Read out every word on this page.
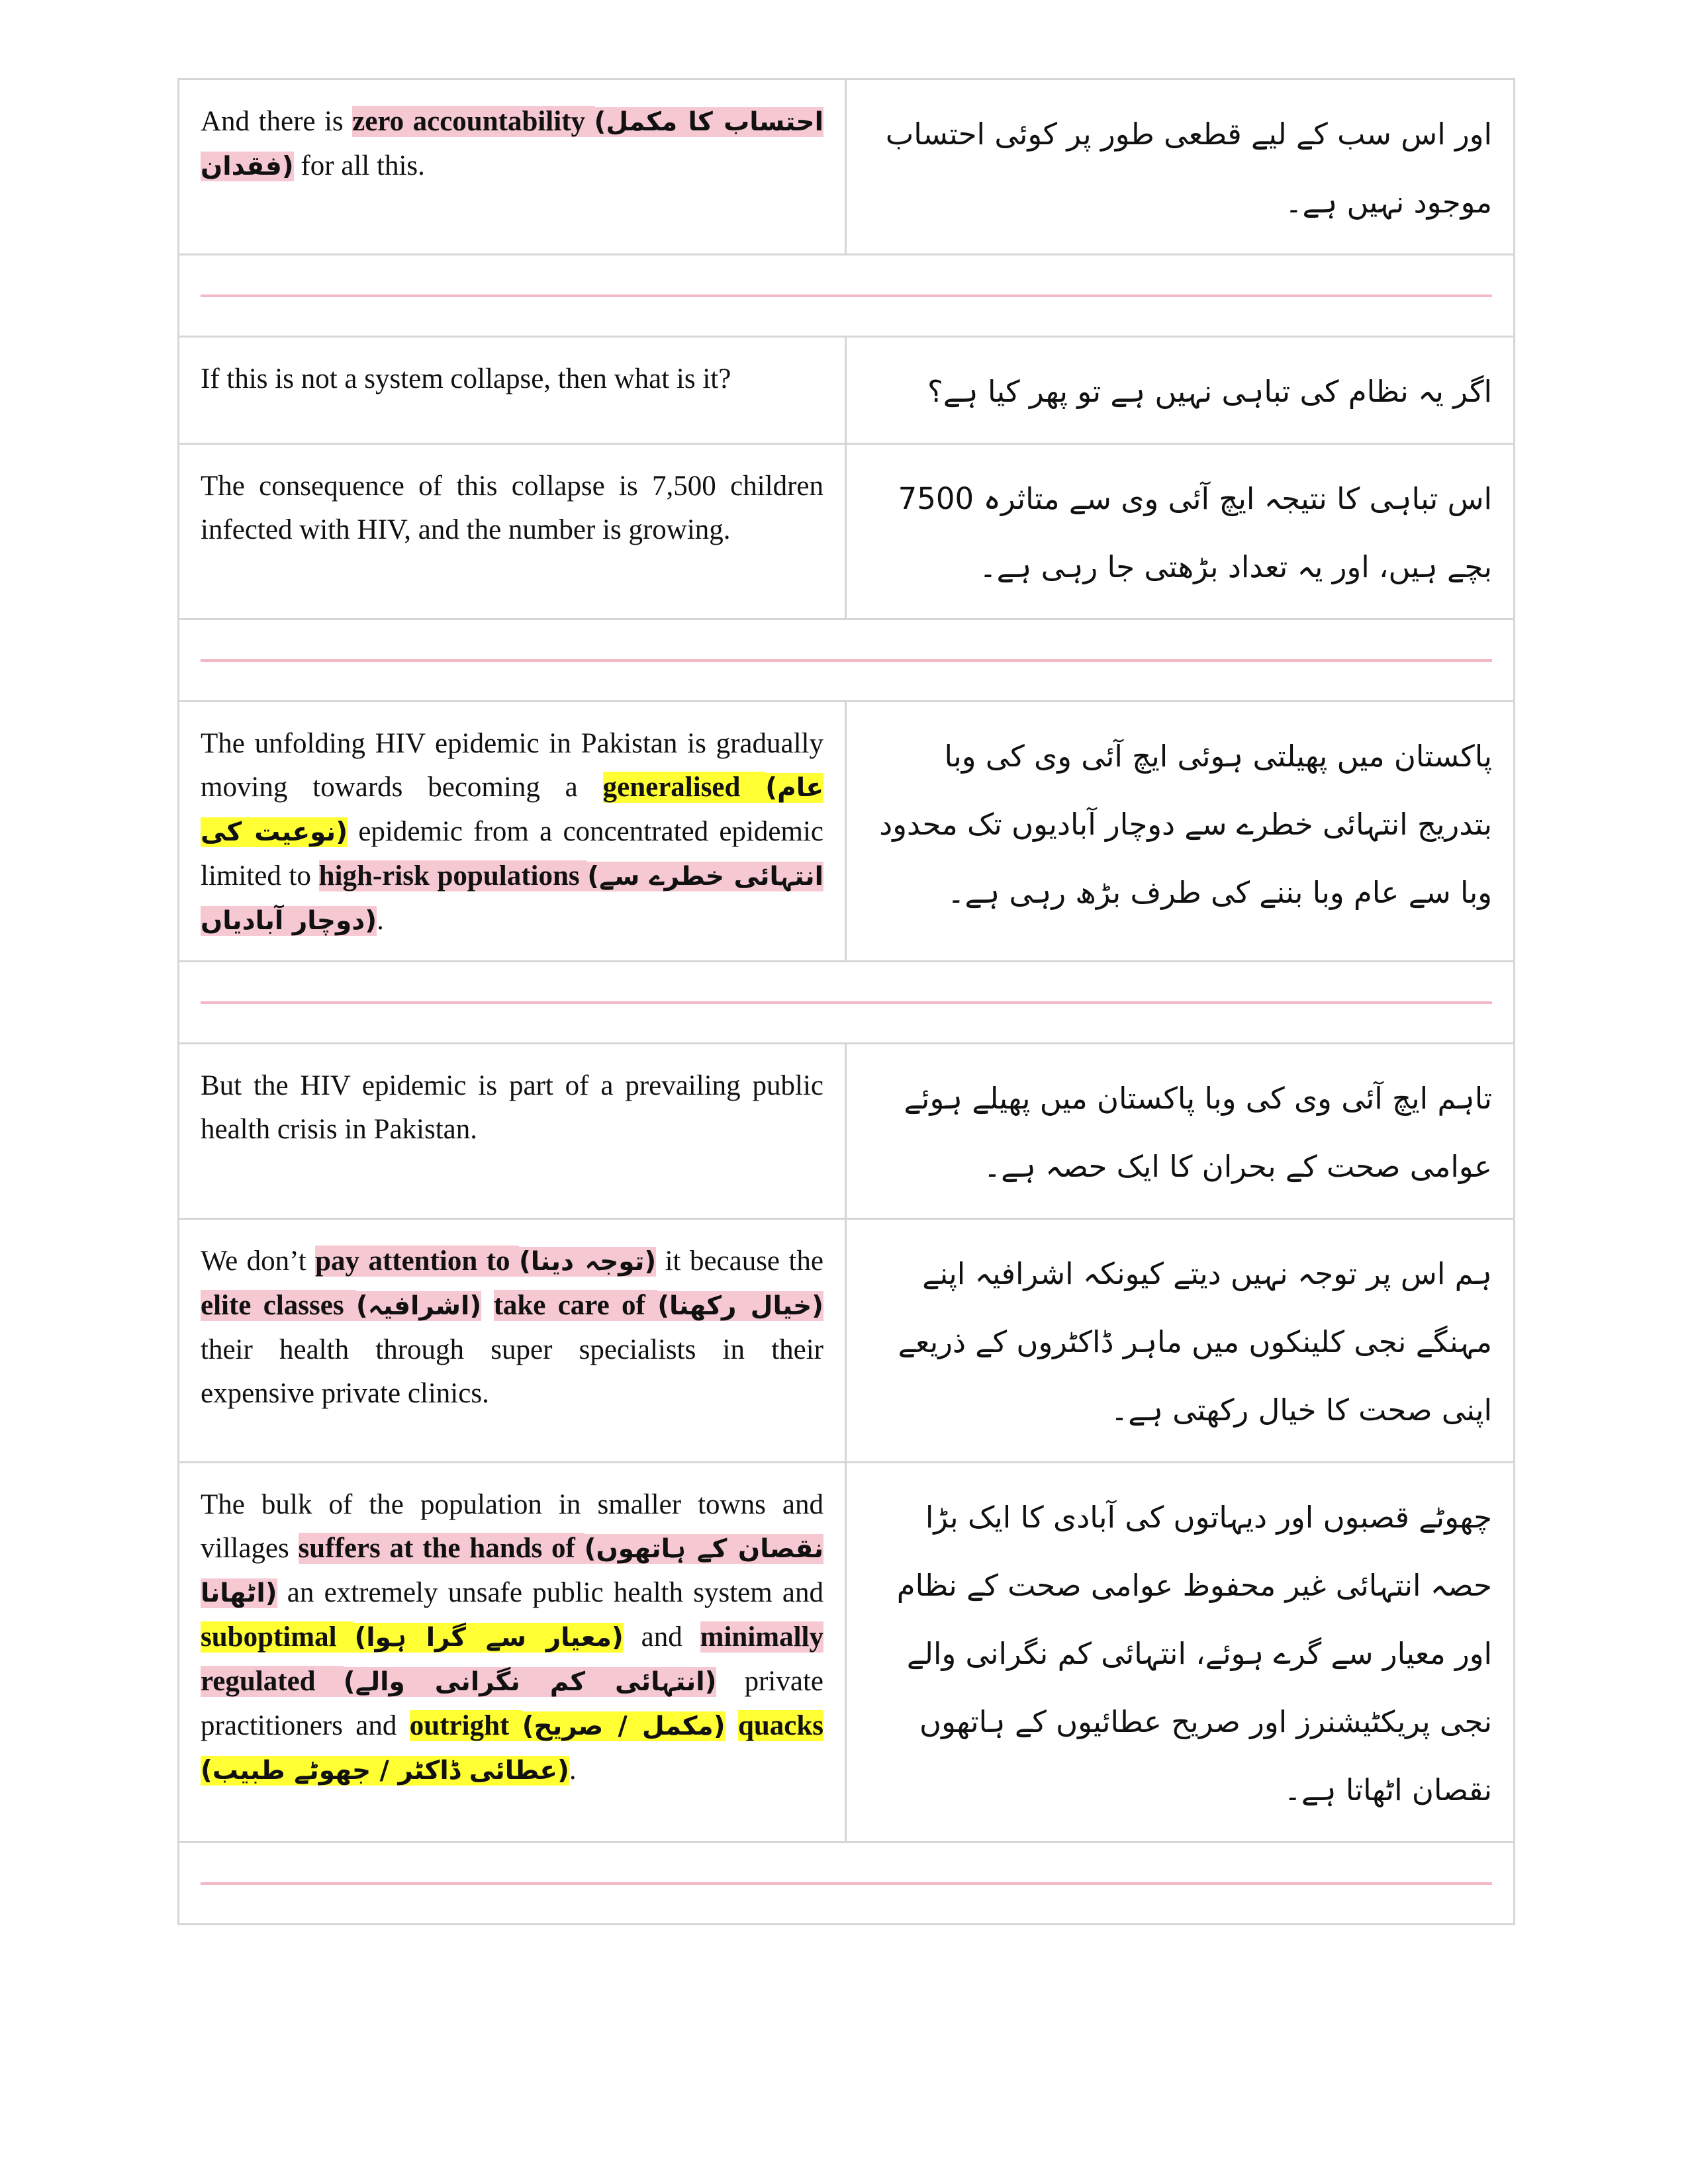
And there is zero accountability (احتساب کا مکمل فقدان) for all this.	اور اس سب کے لیے قطعی طور پر کوئی احتساب موجود نہیں ہے۔

If this is not a system collapse, then what is it?	اگر یہ نظام کی تباہی نہیں ہے تو پھر کیا ہے؟

The consequence of this collapse is 7,500 children infected with HIV, and the number is growing.	اس تباہی کا نتیجہ ایچ آئی وی سے متاثرہ 7500 بچے ہیں، اور یہ تعداد بڑھتی جا رہی ہے۔

The unfolding HIV epidemic in Pakistan is gradually moving towards becoming a generalised (عام نوعیت کی) epidemic from a concentrated epidemic limited to high-risk populations (انتہائی خطرے سے دوچار آبادیاں).	پاکستان میں پھیلتی ہوئی ایچ آئی وی کی وبا بتدریج انتہائی خطرے سے دوچار آبادیوں تک محدود وبا سے عام وبا بننے کی طرف بڑھ رہی ہے۔

But the HIV epidemic is part of a prevailing public health crisis in Pakistan.	تاہم ایچ آئی وی کی وبا پاکستان میں پھیلے ہوئے عوامی صحت کے بحران کا ایک حصہ ہے۔

We don’t pay attention to (توجہ دینا) it because the elite classes (اشرافیہ) take care of (خیال رکھنا) their health through super specialists in their expensive private clinics.	ہم اس پر توجہ نہیں دیتے کیونکہ اشرافیہ اپنے مہنگے نجی کلینکوں میں ماہر ڈاکٹروں کے ذریعے اپنی صحت کا خیال رکھتی ہے۔

The bulk of the population in smaller towns and villages suffers at the hands of (نقصان کے ہاتھوں اٹھانا) an extremely unsafe public health system and suboptimal (معیار سے گرا ہوا) and minimally regulated (انتہائی کم نگرانی والے) private practitioners and outright (مکمل / صریح) quacks (عطائی ڈاکٹر / جھوٹے طبیب).	چھوٹے قصبوں اور دیہاتوں کی آبادی کا ایک بڑا حصہ انتہائی غیر محفوظ عوامی صحت کے نظام اور معیار سے گرے ہوئے، انتہائی کم نگرانی والے نجی پریکٹیشنرز اور صریح عطائیوں کے ہاتھوں نقصان اٹھاتا ہے۔
